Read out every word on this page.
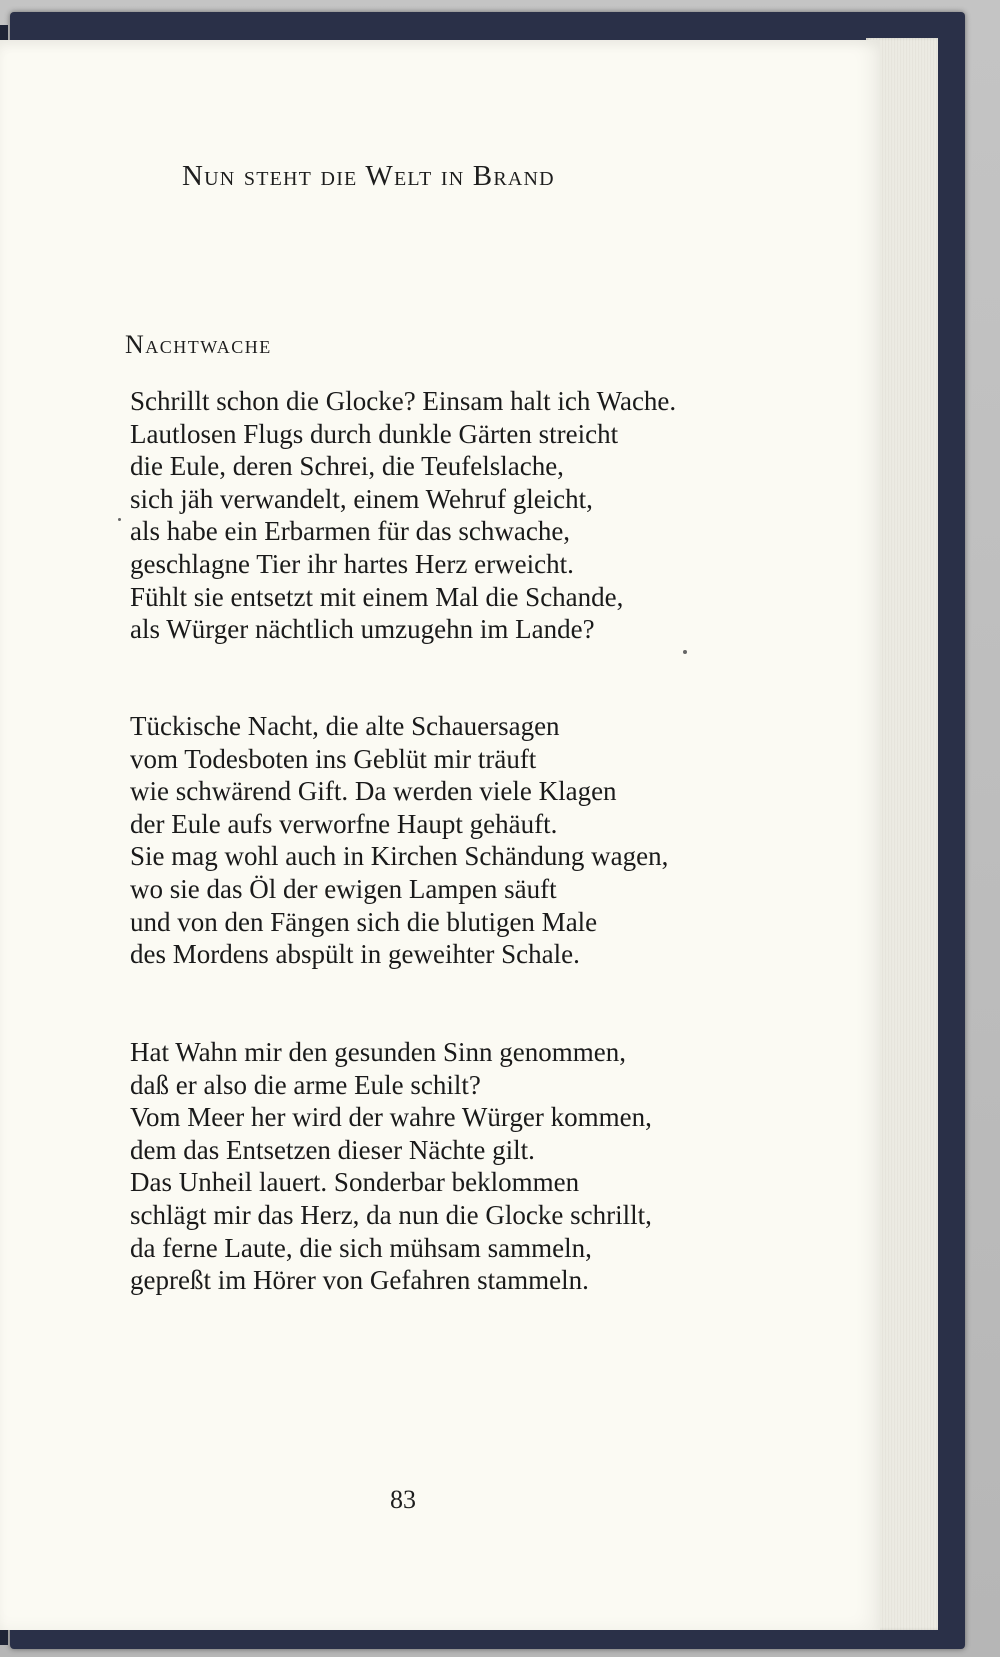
Nun steht die Welt in Brand
Nachtwache
Schrillt schon die Glocke? Einsam halt ich Wache.
Lautlosen Flugs durch dunkle Gärten streicht
die Eule, deren Schrei, die Teufelslache,
sich jäh verwandelt, einem Wehruf gleicht,
als habe ein Erbarmen für das schwache,
geschlagne Tier ihr hartes Herz erweicht.
Fühlt sie entsetzt mit einem Mal die Schande,
als Würger nächtlich umzugehn im Lande?
Tückische Nacht, die alte Schauersagen
vom Todesboten ins Geblüt mir träuft
wie schwärend Gift. Da werden viele Klagen
der Eule aufs verworfne Haupt gehäuft.
Sie mag wohl auch in Kirchen Schändung wagen,
wo sie das Öl der ewigen Lampen säuft
und von den Fängen sich die blutigen Male
des Mordens abspült in geweihter Schale.
Hat Wahn mir den gesunden Sinn genommen,
daß er also die arme Eule schilt?
Vom Meer her wird der wahre Würger kommen,
dem das Entsetzen dieser Nächte gilt.
Das Unheil lauert. Sonderbar beklommen
schlägt mir das Herz, da nun die Glocke schrillt,
da ferne Laute, die sich mühsam sammeln,
gepreßt im Hörer von Gefahren stammeln.
83
